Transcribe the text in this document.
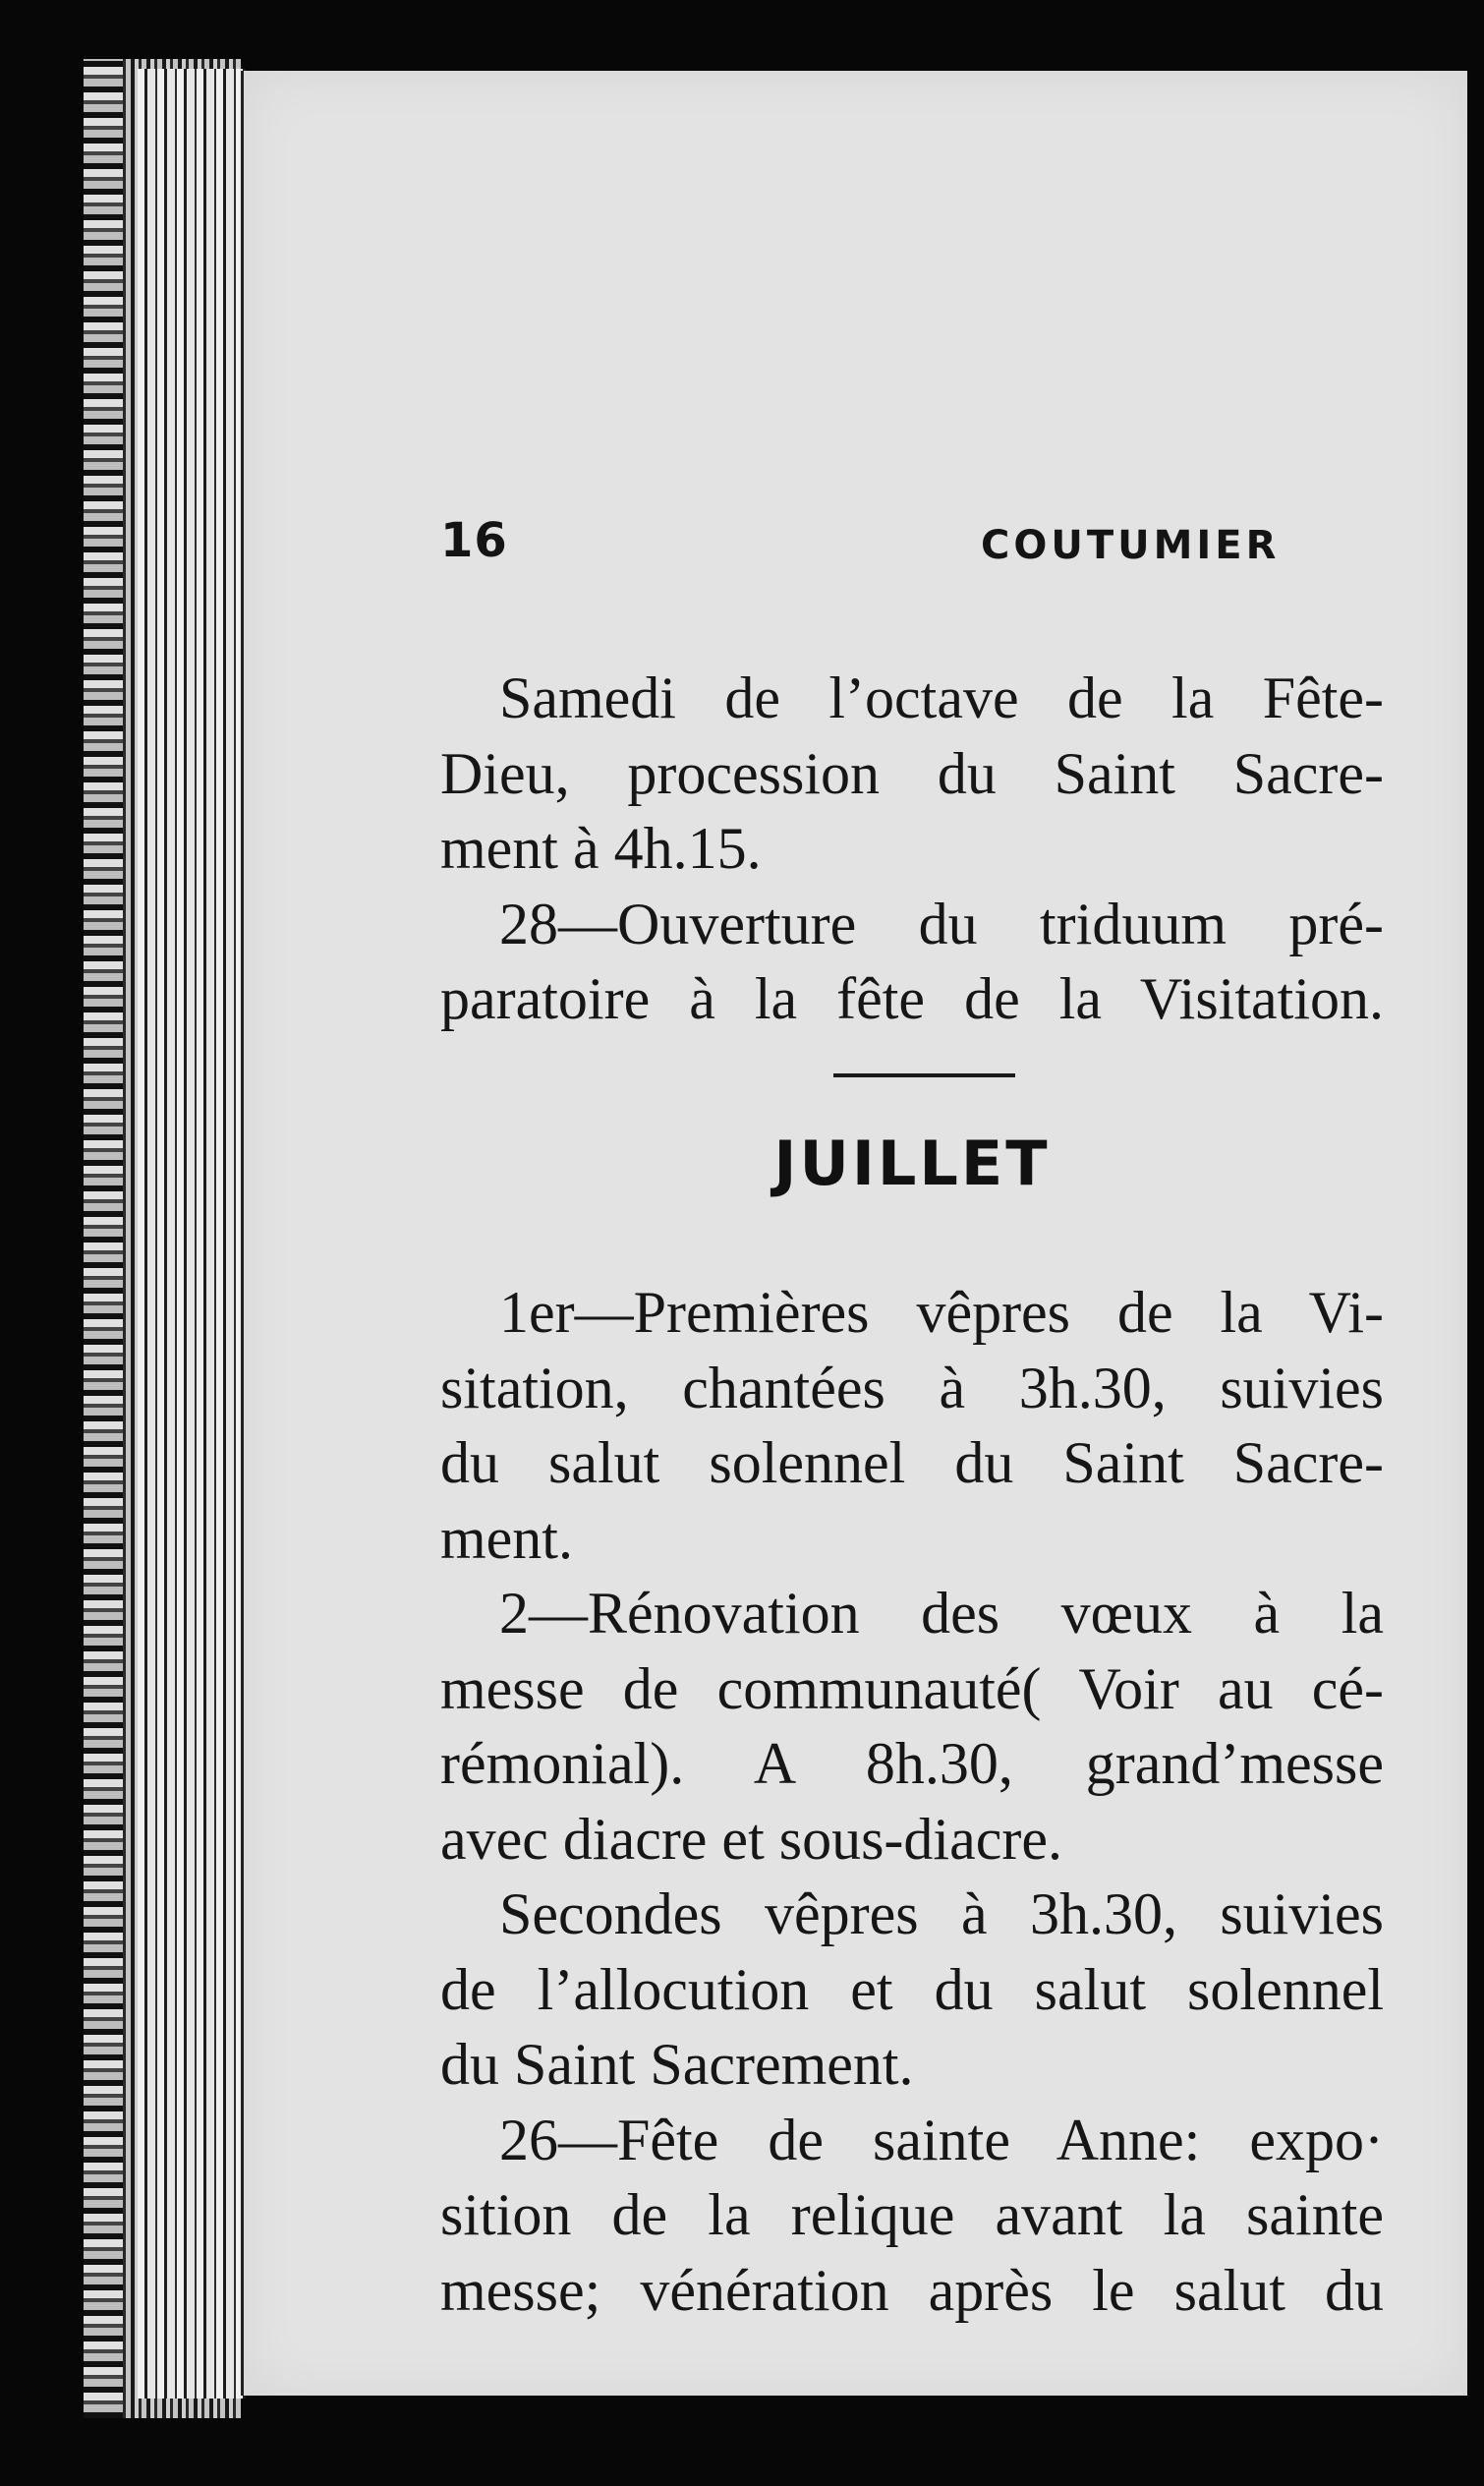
16	COUTUMIER
Samedi de l’octave de la Fête-
Dieu, procession du Saint Sacre-
ment à 4h.15.
28—Ouverture du triduum pré-
paratoire à la fête de la Visitation.
JUILLET
1er—Premières vêpres de la Vi-
sitation, chantées à 3h.30, suivies
du salut solennel du Saint Sacre-
ment.
2—Rénovation des vœux à la
messe de communauté( Voir au cé-
rémonial). A 8h.30, grand’messe
avec diacre et sous-diacre.
Secondes vêpres à 3h.30, suivies
de l’allocution et du salut solennel
du Saint Sacrement.
26—Fête de sainte Anne: expo·
sition de la relique avant la sainte
messe; vénération après le salut du
